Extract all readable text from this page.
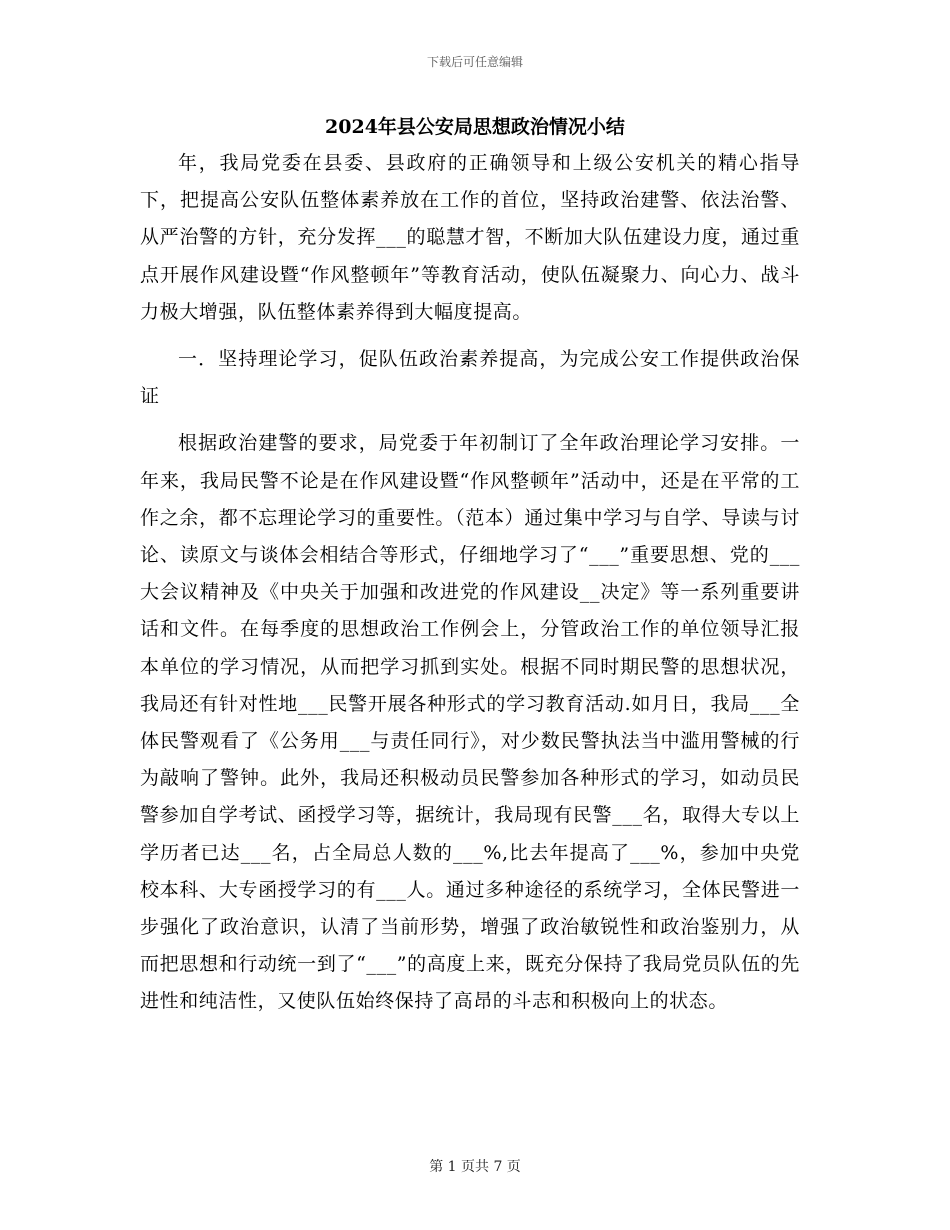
下载后可任意编辑
2024年县公安局思想政治情况小结

年，我局党委在县委、县政府的正确领导和上级公安机关的精心指导下，把提高公安队伍整体素养放在工作的首位，坚持政治建警、依法治警、从严治警的方针，充分发挥___的聪慧才智，不断加大队伍建设力度，通过重点开展作风建设暨“作风整顿年”等教育活动，使队伍凝聚力、向心力、战斗力极大增强，队伍整体素养得到大幅度提高。

一．坚持理论学习，促队伍政治素养提高，为完成公安工作提供政治保证

根据政治建警的要求，局党委于年初制订了全年政治理论学习安排。一年来，我局民警不论是在作风建设暨“作风整顿年”活动中，还是在平常的工作之余，都不忘理论学习的重要性。（范本）通过集中学习与自学、导读与讨论、读原文与谈体会相结合等形式，仔细地学习了“___”重要思想、党的___大会议精神及《中央关于加强和改进党的作风建设__决定》等一系列重要讲话和文件。在每季度的思想政治工作例会上，分管政治工作的单位领导汇报本单位的学习情况，从而把学习抓到实处。根据不同时期民警的思想状况，我局还有针对性地___民警开展各种形式的学习教育活动.如月日，我局___全体民警观看了《公务用___与责任同行》，对少数民警执法当中滥用警械的行为敲响了警钟。此外，我局还积极动员民警参加各种形式的学习，如动员民警参加自学考试、函授学习等，据统计，我局现有民警___名，取得大专以上学历者已达___名，占全局总人数的___%,比去年提高了___%，参加中央党校本科、大专函授学习的有___人。通过多种途径的系统学习，全体民警进一步强化了政治意识，认清了当前形势，增强了政治敏锐性和政治鉴别力，从而把思想和行动统一到了“___”的高度上来，既充分保持了我局党员队伍的先进性和纯洁性，又使队伍始终保持了高昂的斗志和积极向上的状态。

第 1 页共 7 页
